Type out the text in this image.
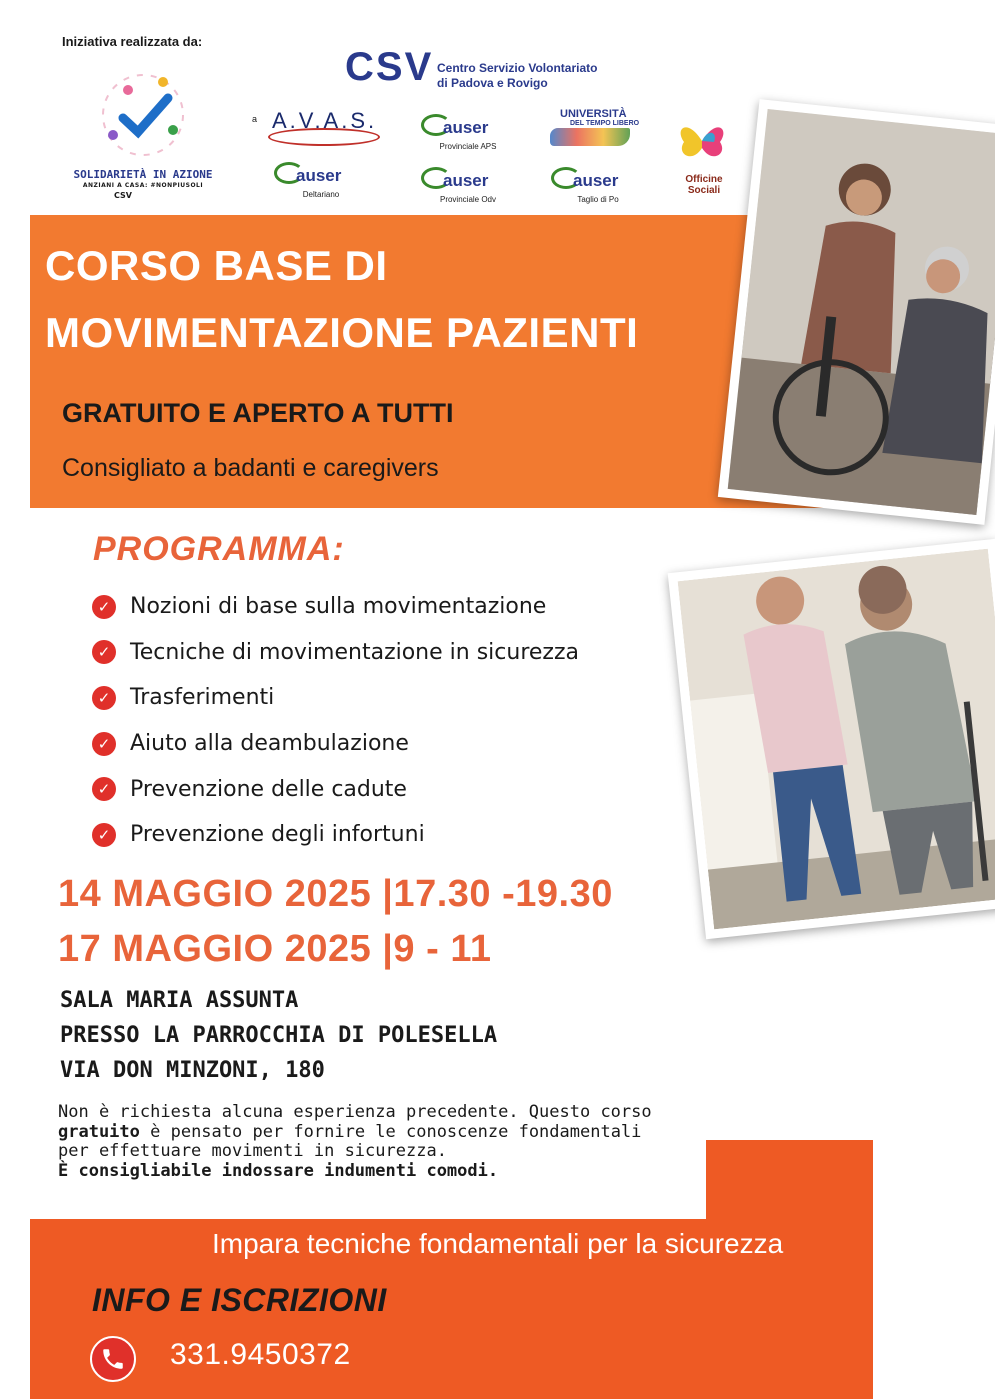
Iniziativa realizzata da:
SOLIDARIETÀ IN AZIONE
ANZIANI A CASA: #NONPIUSOLI
CSV
CSV Centro Servizio Volontariato
di Padova e Rovigo
a A.V.A.S.	auser
Provinciale APS
auser
Deltariano
auser
Provinciale Odv
auser
Taglio di Po
UNIVERSITÀ
DEL TEMPO LIBERO
Officine Sociali
CORSO BASE DI
MOVIMENTAZIONE PAZIENTI
GRATUITO E APERTO A TUTTI
Consigliato a badanti e caregivers
PROGRAMMA:
✓ Nozioni di base sulla movimentazione
✓ Tecniche di movimentazione in sicurezza
✓ Trasferimenti
✓ Aiuto alla deambulazione
✓ Prevenzione delle cadute
✓ Prevenzione degli infortuni
14 MAGGIO 2025 |17.30 -19.30
17 MAGGIO 2025 |9 - 11
SALA MARIA ASSUNTA
PRESSO LA PARROCCHIA DI POLESELLA
VIA DON MINZONI, 180
Non è richiesta alcuna esperienza precedente. Questo corso gratuito è pensato per fornire le conoscenze fondamentali per effettuare movimenti in sicurezza.
È consigliabile indossare indumenti comodi.
Impara tecniche fondamentali per la sicurezza
INFO E ISCRIZIONI
331.9450372
